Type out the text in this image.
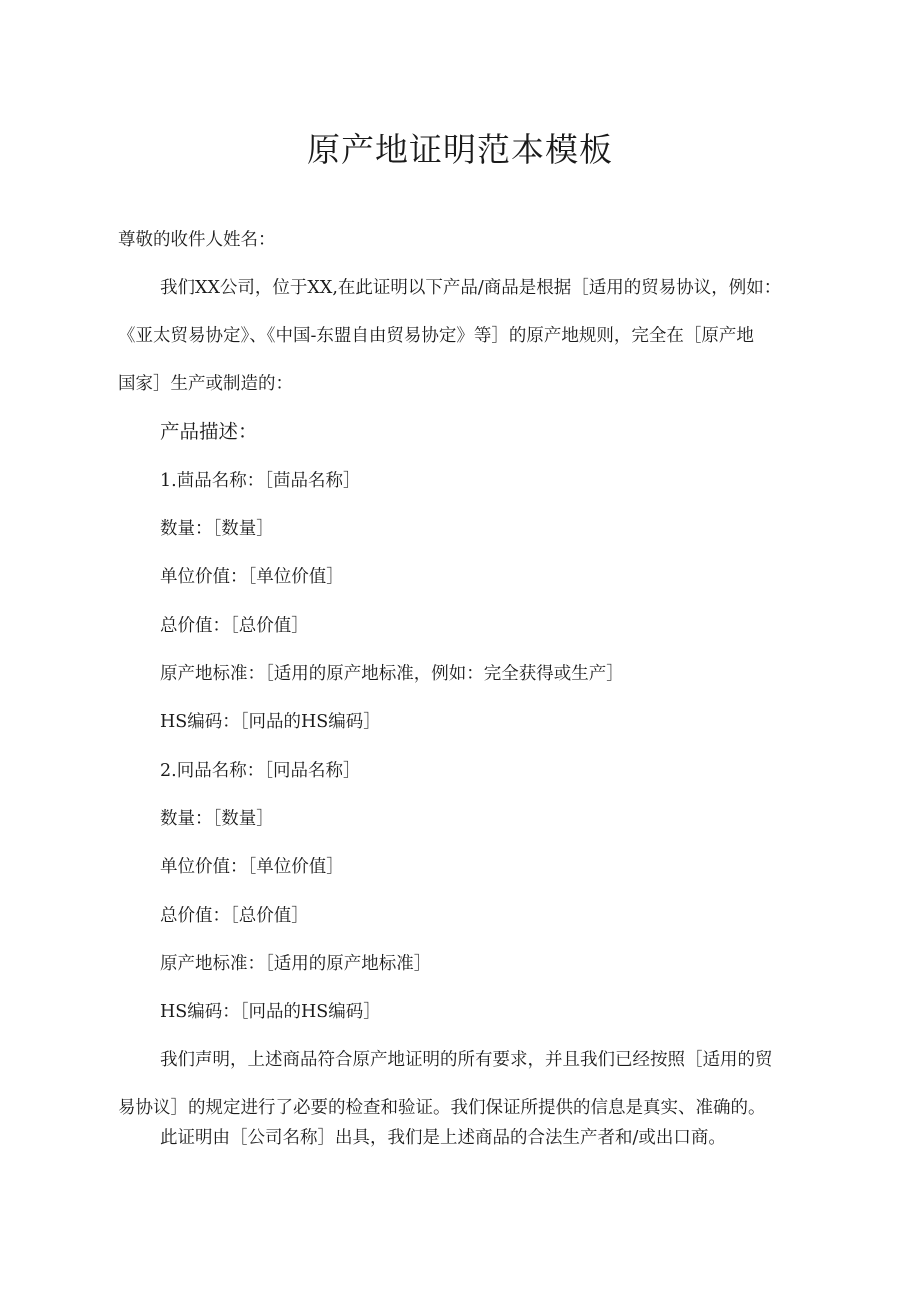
原产地证明范本模板
尊敬的收件人姓名：
我们XX公司，位于XX,在此证明以下产品/商品是根据［适用的贸易协议，例如：
《亚太贸易协定》、《中国-东盟自由贸易协定》等］的原产地规则，完全在［原产地
国家］生产或制造的：
产品描述：
1.茴品名称：［茴品名称］
数量：［数量］
单位价值：［单位价值］
总价值：［总价值］
原产地标准：［适用的原产地标准，例如：完全获得或生产］
HS编码：［冋品的HS编码］
2.冋品名称：［冋品名称］
数量：［数量］
单位价值：［单位价值］
总价值：［总价值］
原产地标准：［适用的原产地标准］
HS编码：［冋品的HS编码］
我们声明，上述商品符合原产地证明的所有要求，并且我们已经按照［适用的贸
易协议］的规定进行了必要的检查和验证。我们保证所提供的信息是真实、准确的。
此证明由［公司名称］出具，我们是上述商品的合法生产者和/或出口商。
